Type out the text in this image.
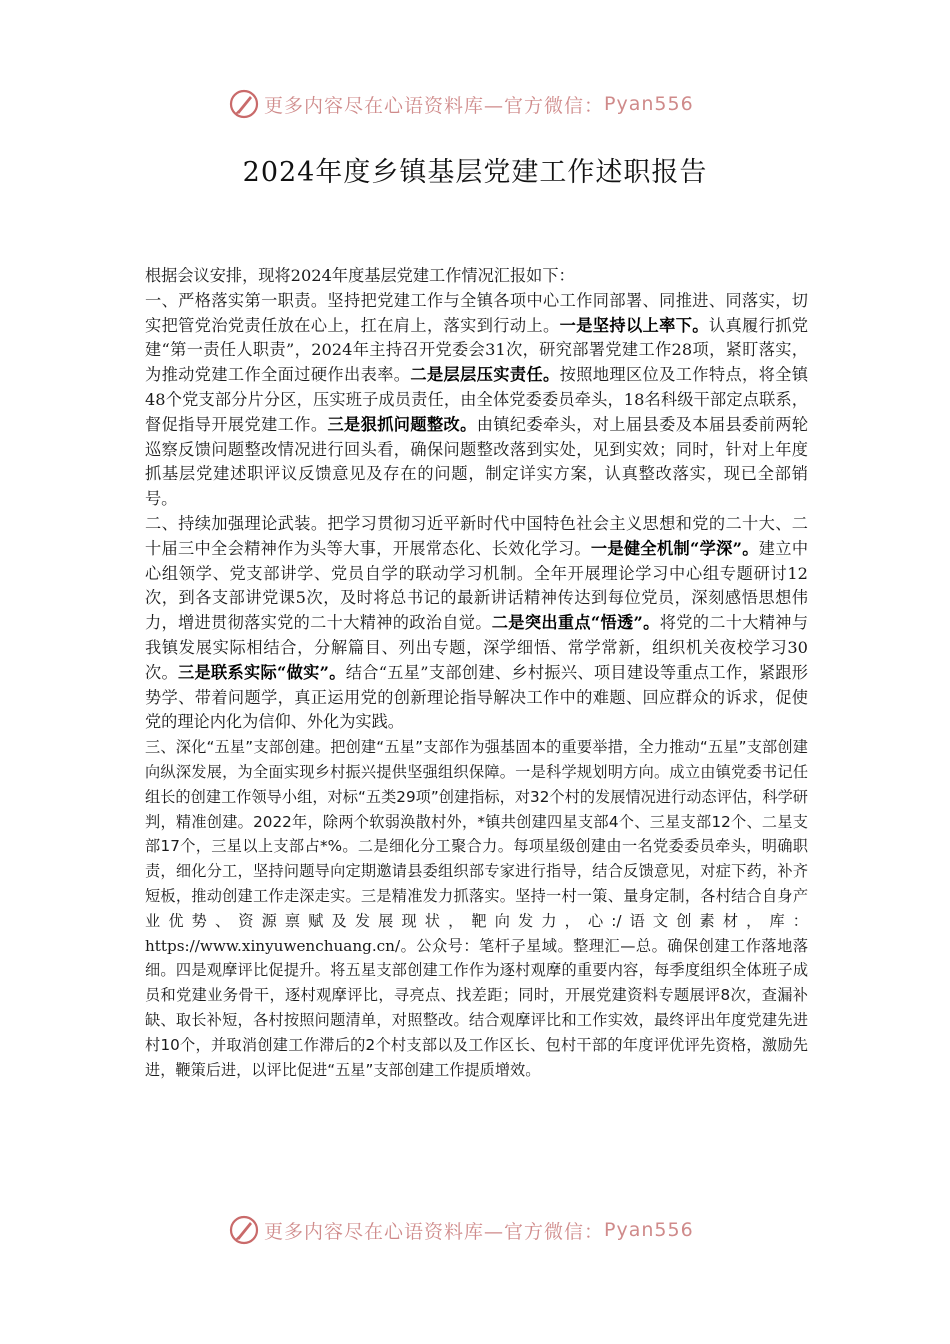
更多内容尽在心语资料库—官方微信： Pyan556
2024年度乡镇基层党建工作述职报告

根据会议安排，现将2024年度基层党建工作情况汇报如下：

一、严格落实第一职责。坚持把党建工作与全镇各项中心工作同部署、同推进、同落实，切实把管党治党责任放在心上，扛在肩上，落实到行动上。一是坚持以上率下。认真履行抓党建“第一责任人职责”，2024年主持召开党委会31次，研究部署党建工作28项，紧盯落实，为推动党建工作全面过硬作出表率。二是层层压实责任。按照地理区位及工作特点，将全镇48个党支部分片分区，压实班子成员责任，由全体党委委员牵头，18名科级干部定点联系，督促指导开展党建工作。三是狠抓问题整改。由镇纪委牵头，对上届县委及本届县委前两轮巡察反馈问题整改情况进行回头看，确保问题整改落到实处，见到实效；同时，针对上年度抓基层党建述职评议反馈意见及存在的问题，制定详实方案，认真整改落实，现已全部销号。

二、持续加强理论武装。把学习贯彻习近平新时代中国特色社会主义思想和党的二十大、二十届三中全会精神作为头等大事，开展常态化、长效化学习。一是健全机制“学深”。建立中心组领学、党支部讲学、党员自学的联动学习机制。全年开展理论学习中心组专题研讨12次，到各支部讲党课5次，及时将总书记的最新讲话精神传达到每位党员，深刻感悟思想伟力，增进贯彻落实党的二十大精神的政治自觉。二是突出重点“悟透”。将党的二十大精神与我镇发展实际相结合，分解篇目、列出专题，深学细悟、常学常新，组织机关夜校学习30次。三是联系实际“做实”。结合“五星”支部创建、乡村振兴、项目建设等重点工作，紧跟形势学、带着问题学，真正运用党的创新理论指导解决工作中的难题、回应群众的诉求，促使党的理论内化为信仰、外化为实践。

三、深化“五星”支部创建。把创建“五星”支部作为强基固本的重要举措，全力推动“五星”支部创建向纵深发展，为全面实现乡村振兴提供坚强组织保障。一是科学规划明方向。成立由镇党委书记任组长的创建工作领导小组，对标“五类29项”创建指标，对32个村的发展情况进行动态评估，科学研判，精准创建。2022年，除两个软弱涣散村外，*镇共创建四星支部4个、三星支部12个、二星支部17个，三星以上支部占*%。二是细化分工聚合力。每项星级创建由一名党委委员牵头，明确职责，细化分工，坚持问题导向定期邀请县委组织部专家进行指导，结合反馈意见，对症下药，补齐短板，推动创建工作走深走实。三是精准发力抓落实。坚持一村一策、量身定制，各村结合自身产业优势、资源禀赋及发展现状，靶向发力，心:/语文创素材，库：https://www.xinyuwenchuang.cn/。公众号：笔杆子星域。整理汇—总。确保创建工作落地落细。四是观摩评比促提升。将五星支部创建工作作为逐村观摩的重要内容，每季度组织全体班子成员和党建业务骨干，逐村观摩评比，寻亮点、找差距；同时，开展党建资料专题展评8次，查漏补缺、取长补短，各村按照问题清单，对照整改。结合观摩评比和工作实效，最终评出年度党建先进村10个，并取消创建工作滞后的2个村支部以及工作区长、包村干部的年度评优评先资格，激励先进，鞭策后进，以评比促进“五星”支部创建工作提质增效。

更多内容尽在心语资料库—官方微信： Pyan556
